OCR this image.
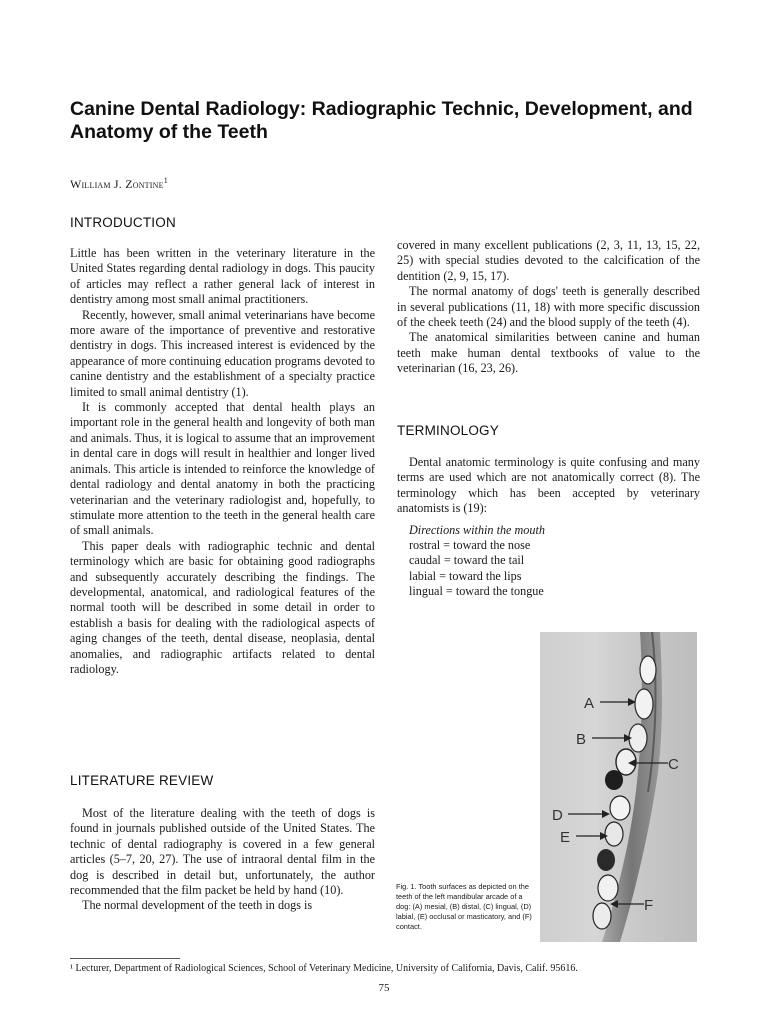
Canine Dental Radiology: Radiographic Technic, Development, and Anatomy of the Teeth

William J. Zontine$^1$

INTRODUCTION

Little has been written in the veterinary literature in the United States regarding dental radiology in dogs. This paucity of articles may reflect a rather general lack of interest in dentistry among most small animal practitioners.

Recently, however, small animal veterinarians have become more aware of the importance of preventive and restorative dentistry in dogs. This increased interest is evidenced by the appearance of more continuing education programs devoted to canine dentistry and the establishment of a specialty practice limited to small animal dentistry (1).

It is commonly accepted that dental health plays an important role in the general health and longevity of both man and animals. Thus, it is logical to assume that an improvement in dental care in dogs will result in healthier and longer lived animals. This article is intended to reinforce the knowledge of dental radiology and dental anatomy in both the practicing veterinarian and the veterinary radiologist and, hopefully, to stimulate more attention to the teeth in the general health care of small animals.

This paper deals with radiographic technic and dental terminology which are basic for obtaining good radiographs and subsequently accurately describing the findings. The developmental, anatomical, and radiological features of the normal tooth will be described in some detail in order to establish a basis for dealing with the radiological aspects of aging changes of the teeth, dental disease, neoplasia, dental anomalies, and radiographic artifacts related to dental radiology.

LITERATURE REVIEW

Most of the literature dealing with the teeth of dogs is found in journals published outside of the United States. The technic of dental radiography is covered in a few general articles (5–7, 20, 27). The use of intraoral dental film in the dog is described in detail but, unfortunately, the author recommended that the film packet be held by hand (10).

The normal development of the teeth in dogs is

covered in many excellent publications (2, 3, 11, 13, 15, 22, 25) with special studies devoted to the calcification of the dentition (2, 9, 15, 17).

The normal anatomy of dogs' teeth is generally described in several publications (11, 18) with more specific discussion of the cheek teeth (24) and the blood supply of the teeth (4).

The anatomical similarities between canine and human teeth make human dental textbooks of value to the veterinarian (16, 23, 26).

TERMINOLOGY

Dental anatomic terminology is quite confusing and many terms are used which are not anatomically correct (8). The terminology which has been accepted by veterinary anatomists is (19):

Directions within the mouth

rostral = toward the nose

caudal = toward the tail

labial = toward the lips

lingual = toward the tongue

A
B
C
D
E
F

Fig. 1. Tooth surfaces as depicted on the teeth of the left mandibular arcade of a dog: (A) mesial, (B) distal, (C) lingual, (D) labial, (E) occlusal or masticatory, and (F) contact.

¹ Lecturer, Department of Radiological Sciences, School of Veterinary Medicine, University of California, Davis, Calif. 95616.

75
